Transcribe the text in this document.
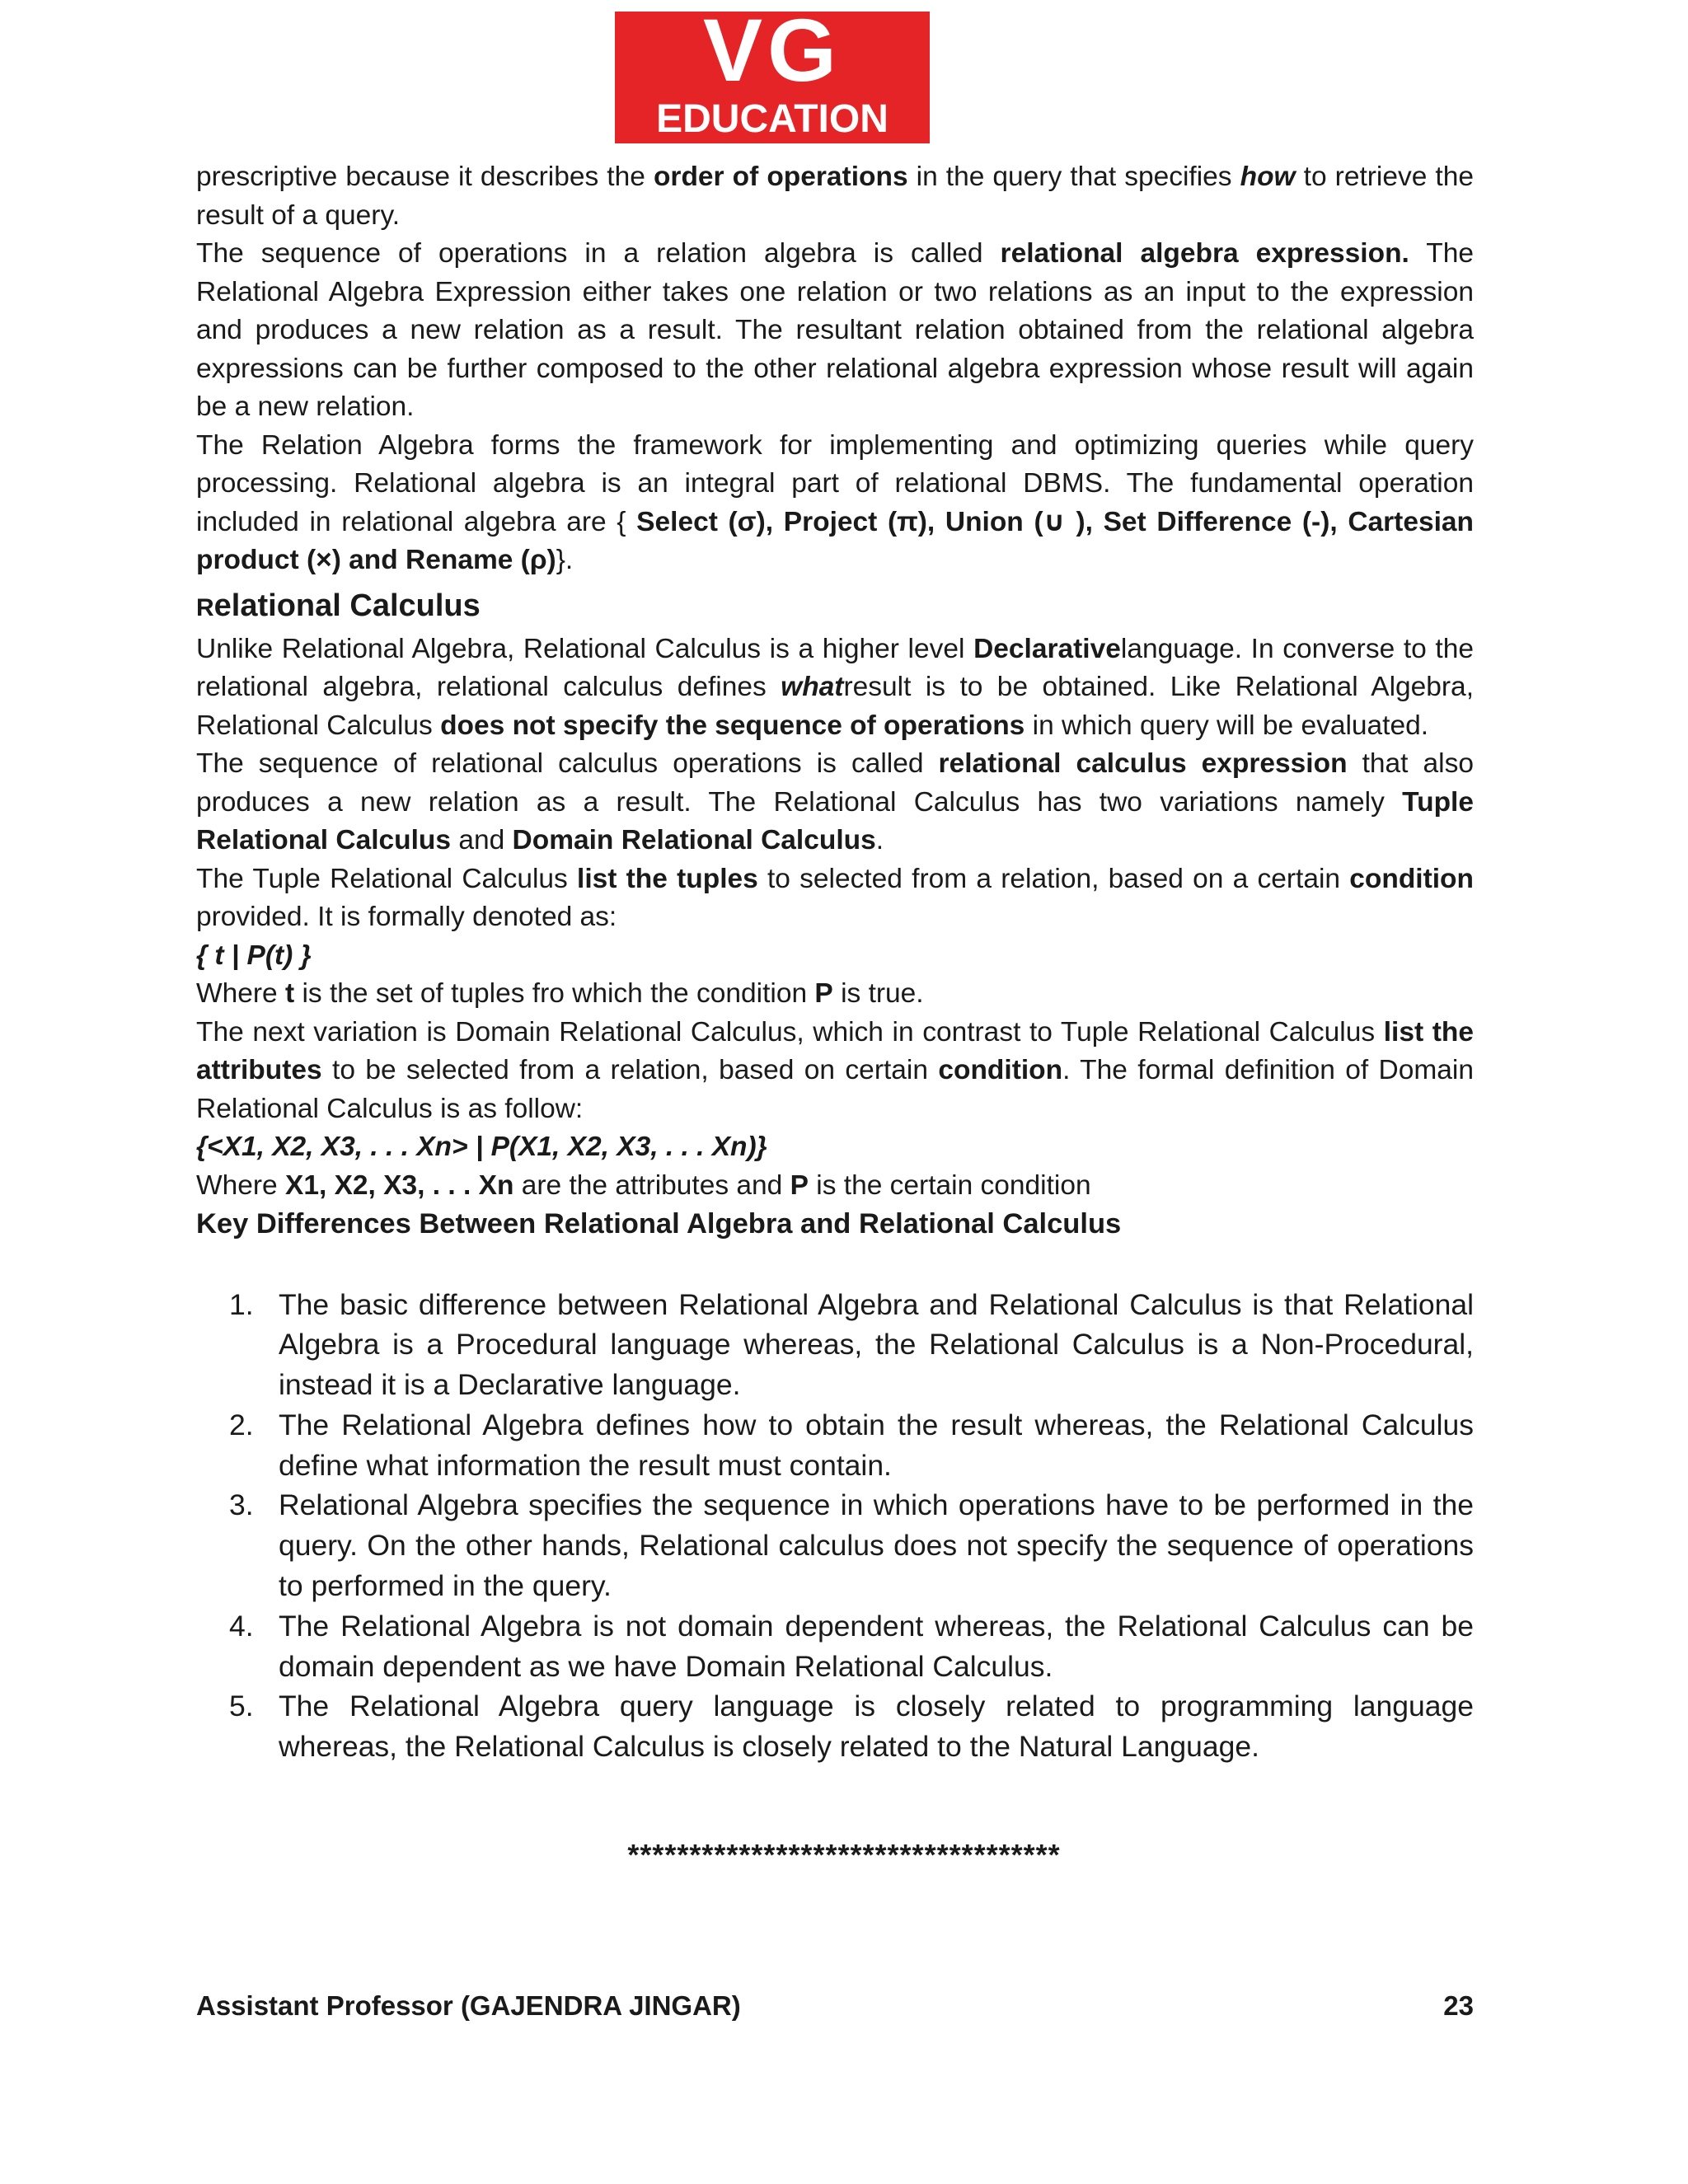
VG
EDUCATION

prescriptive because it describes the order of operations in the query that specifies how to retrieve the result of a query.

The sequence of operations in a relation algebra is called relational algebra expression. The Relational Algebra Expression either takes one relation or two relations as an input to the expression and produces a new relation as a result. The resultant relation obtained from the relational algebra expressions can be further composed to the other relational algebra expression whose result will again be a new relation.

The Relation Algebra forms the framework for implementing and optimizing queries while query processing. Relational algebra is an integral part of relational DBMS. The fundamental operation included in relational algebra are { Select (σ), Project (π), Union (∪ ), Set Difference (-), Cartesian product (×) and Rename (ρ)}.

Relational Calculus

Unlike Relational Algebra, Relational Calculus is a higher level Declarativelanguage. In converse to the relational algebra, relational calculus defines whatresult is to be obtained. Like Relational Algebra, Relational Calculus does not specify the sequence of operations in which query will be evaluated.

The sequence of relational calculus operations is called relational calculus expression that also produces a new relation as a result. The Relational Calculus has two variations namely Tuple Relational Calculus and Domain Relational Calculus.

The Tuple Relational Calculus list the tuples to selected from a relation, based on a certain condition provided. It is formally denoted as:

{ t | P(t) }

Where t is the set of tuples fro which the condition P is true.

The next variation is Domain Relational Calculus, which in contrast to Tuple Relational Calculus list the attributes to be selected from a relation, based on certain condition. The formal definition of Domain Relational Calculus is as follow:

{<X1, X2, X3, . . . Xn> | P(X1, X2, X3, . . . Xn)}

Where X1, X2, X3, . . . Xn are the attributes and P is the certain condition

Key Differences Between Relational Algebra and Relational Calculus
1. The basic difference between Relational Algebra and Relational Calculus is that Relational Algebra is a Procedural language whereas, the Relational Calculus is a Non-Procedural, instead it is a Declarative language.
2. The Relational Algebra defines how to obtain the result whereas, the Relational Calculus define what information the result must contain.
3. Relational Algebra specifies the sequence in which operations have to be performed in the query. On the other hands, Relational calculus does not specify the sequence of operations to performed in the query.
4. The Relational Algebra is not domain dependent whereas, the Relational Calculus can be domain dependent as we have Domain Relational Calculus.
5. The Relational Algebra query language is closely related to programming language whereas, the Relational Calculus is closely related to the Natural Language.
***********************************
Assistant Professor (GAJENDRA JINGAR)	23
